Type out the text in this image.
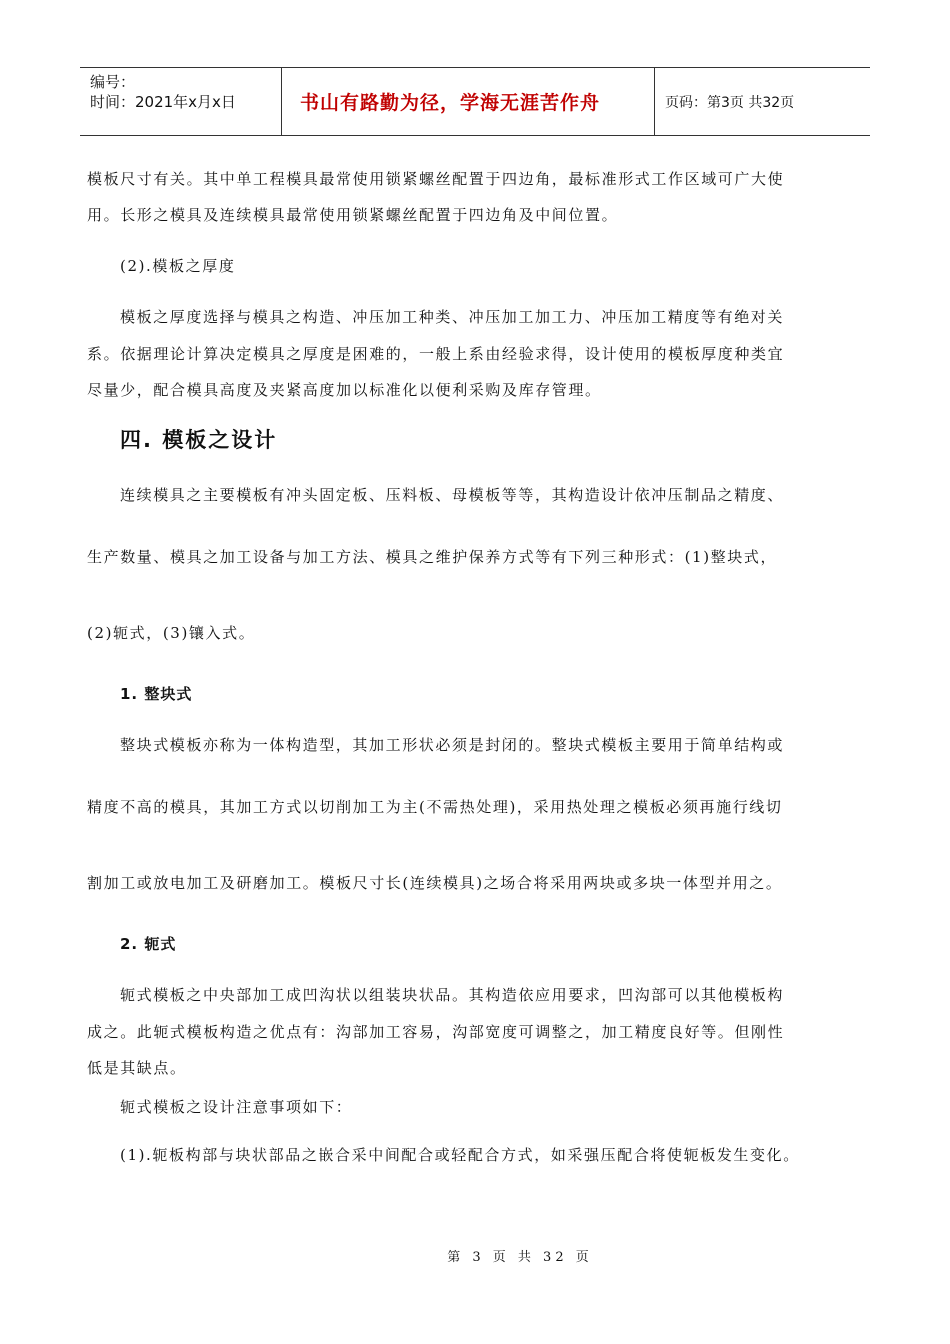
编号：
时间：2021年x月x日	书山有路勤为径，学海无涯苦作舟	页码：第3页 共32页

模板尺寸有关。其中单工程模具最常使用锁紧螺丝配置于四边角，最标准形式工作区域可广大使

用。长形之模具及连续模具最常使用锁紧螺丝配置于四边角及中间位置。

(2).模板之厚度

模板之厚度选择与模具之构造、冲压加工种类、冲压加工加工力、冲压加工精度等有绝对关

系。依据理论计算决定模具之厚度是困难的，一般上系由经验求得，设计使用的模板厚度种类宜

尽量少，配合模具高度及夹紧高度加以标准化以便利采购及库存管理。

四. 模板之设计

连续模具之主要模板有冲头固定板、压料板、母模板等等，其构造设计依冲压制品之精度、

生产数量、模具之加工设备与加工方法、模具之维护保养方式等有下列三种形式：(1)整块式，

(2)轭式，(3)镶入式。

1. 整块式

整块式模板亦称为一体构造型，其加工形状必须是封闭的。整块式模板主要用于简单结构或

精度不高的模具，其加工方式以切削加工为主(不需热处理)，采用热处理之模板必须再施行线切

割加工或放电加工及研磨加工。模板尺寸长(连续模具)之场合将采用两块或多块一体型并用之。

2. 轭式

轭式模板之中央部加工成凹沟状以组装块状品。其构造依应用要求，凹沟部可以其他模板构

成之。此轭式模板构造之优点有：沟部加工容易，沟部宽度可调整之，加工精度良好等。但刚性

低是其缺点。

轭式模板之设计注意事项如下：

(1).轭板构部与块状部品之嵌合采中间配合或轻配合方式，如采强压配合将使轭板发生变化。

第 3 页 共 32 页
